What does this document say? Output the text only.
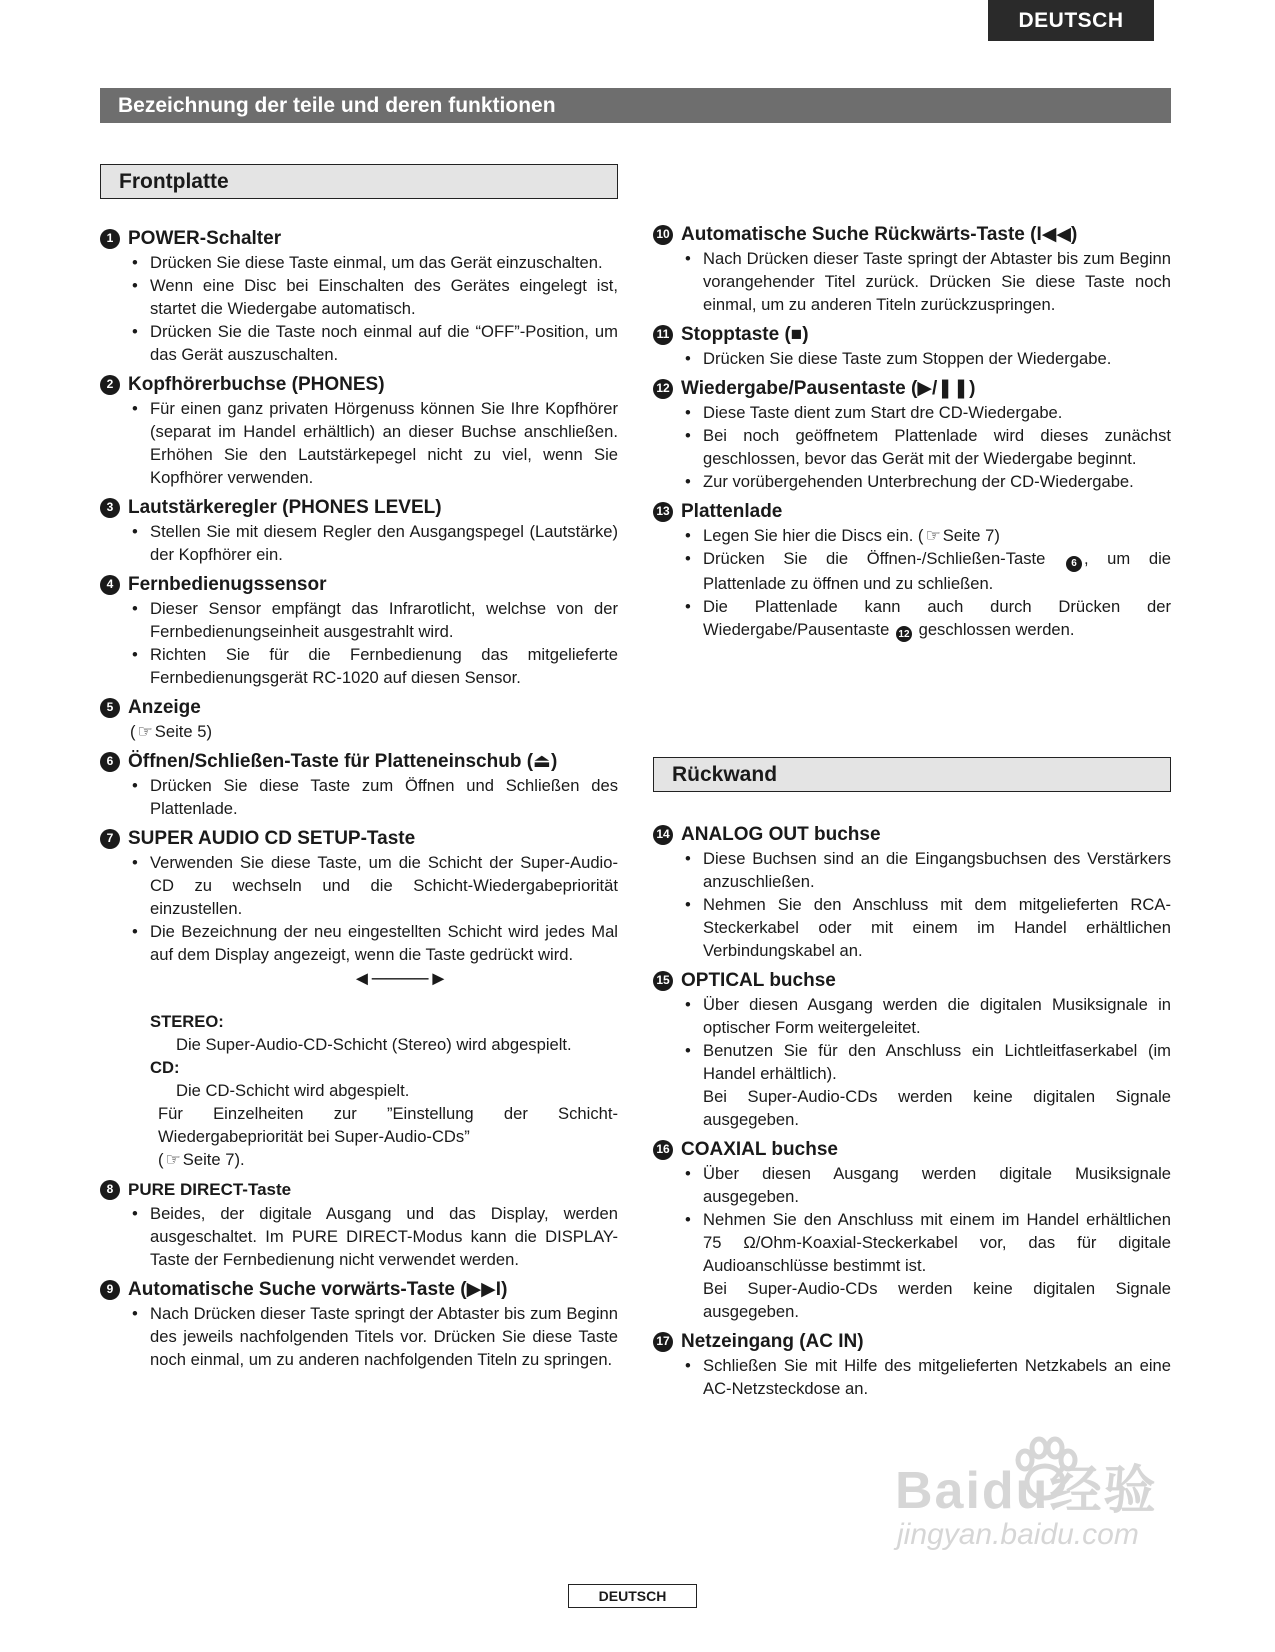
DEUTSCH
Bezeichnung der teile und deren funktionen
Frontplatte
Rückwand
1 POWER-Schalter
• Drücken Sie diese Taste einmal, um das Gerät einzuschalten.
• Wenn eine Disc bei Einschalten des Gerätes eingelegt ist, startet die Wiedergabe automatisch.
• Drücken Sie die Taste noch einmal auf die “OFF”-Position, um das Gerät auszuschalten.
2 Kopfhörerbuchse (PHONES)
• Für einen ganz privaten Hörgenuss können Sie Ihre Kopfhörer (separat im Handel erhältlich) an dieser Buchse anschließen. Erhöhen Sie den Lautstärkepegel nicht zu viel, wenn Sie Kopfhörer verwenden.
3 Lautstärkeregler (PHONES LEVEL)
• Stellen Sie mit diesem Regler den Ausgangspegel (Lautstärke) der Kopfhörer ein.
4 Fernbedienugssensor
• Dieser Sensor empfängt das Infrarotlicht, welchse von der Fernbedienungseinheit ausgestrahlt wird.
• Richten Sie für die Fernbedienung das mitgelieferte Fernbedienungsgerät RC-1020 auf diesen Sensor.
5 Anzeige
( ☞ Seite 5)
6 Öffnen/Schließen-Taste für Platteneinschub (⏏)
• Drücken Sie diese Taste zum Öffnen und Schließen des Plattenlade.
7 SUPER AUDIO CD SETUP-Taste
• Verwenden Sie diese Taste, um die Schicht der Super-Audio-CD zu wechseln und die Schicht-Wiedergabepriorität einzustellen.
• Die Bezeichnung der neu eingestellten Schicht wird jedes Mal auf dem Display angezeigt, wenn die Taste gedrückt wird.
◄────►
STEREO:
Die Super-Audio-CD-Schicht (Stereo) wird abgespielt.
CD:
Die CD-Schicht wird abgespielt.
Für Einzelheiten zur ”Einstellung der Schicht-Wiedergabepriorität bei Super-Audio-CDs”
( ☞ Seite 7).
8 PURE DIRECT-Taste
• Beides, der digitale Ausgang und das Display, werden ausgeschaltet. Im PURE DIRECT-Modus kann die DISPLAY-Taste der Fernbedienung nicht verwendet werden.
9 Automatische Suche vorwärts-Taste (▶▶I)
• Nach Drücken dieser Taste springt der Abtaster bis zum Beginn des jeweils nachfolgenden Titels vor. Drücken Sie diese Taste noch einmal, um zu anderen nachfolgenden Titeln zu springen.
10 Automatische Suche Rückwärts-Taste (I◀◀)
• Nach Drücken dieser Taste springt der Abtaster bis zum Beginn vorangehender Titel zurück. Drücken Sie diese Taste noch einmal, um zu anderen Titeln zurückzuspringen.
11 Stopptaste (■)
• Drücken Sie diese Taste zum Stoppen der Wiedergabe.
12 Wiedergabe/Pausentaste (▶/❚❚)
• Diese Taste dient zum Start dre CD-Wiedergabe.
• Bei noch geöffnetem Plattenlade wird dieses zunächst geschlossen, bevor das Gerät mit der Wiedergabe beginnt.
• Zur vorübergehenden Unterbrechung der CD-Wiedergabe.
13 Plattenlade
• Legen Sie hier die Discs ein. ( ☞ Seite 7)
• Drücken Sie die Öffnen-/Schließen-Taste	6 , um die Plattenlade zu öffnen und zu schließen.
• Die Plattenlade kann auch durch Drücken der Wiedergabe/Pausentaste 12 geschlossen werden.
14 ANALOG OUT buchse
• Diese Buchsen sind an die Eingangsbuchsen des Verstärkers anzuschließen.
• Nehmen Sie den Anschluss mit dem mitgelieferten RCA-Steckerkabel oder mit einem im Handel erhältlichen Verbindungskabel an.
15 OPTICAL buchse
• Über diesen Ausgang werden die digitalen Musiksignale in optischer Form weitergeleitet.
• Benutzen Sie für den Anschluss ein Lichtleitfaserkabel (im Handel erhältlich).
Bei Super-Audio-CDs werden keine digitalen Signale ausgegeben.
16 COAXIAL buchse
• Über diesen Ausgang werden digitale Musiksignale ausgegeben.
• Nehmen Sie den Anschluss mit einem im Handel erhältlichen 75 Ω/Ohm-Koaxial-Steckerkabel vor, das für digitale Audioanschlüsse bestimmt ist.
Bei Super-Audio-CDs werden keine digitalen Signale ausgegeben.
17 Netzeingang (AC IN)
• Schließen Sie mit Hilfe des mitgelieferten Netzkabels an eine AC-Netzsteckdose an.
Baidu经验
jingyan.baidu.com
DEUTSCH
